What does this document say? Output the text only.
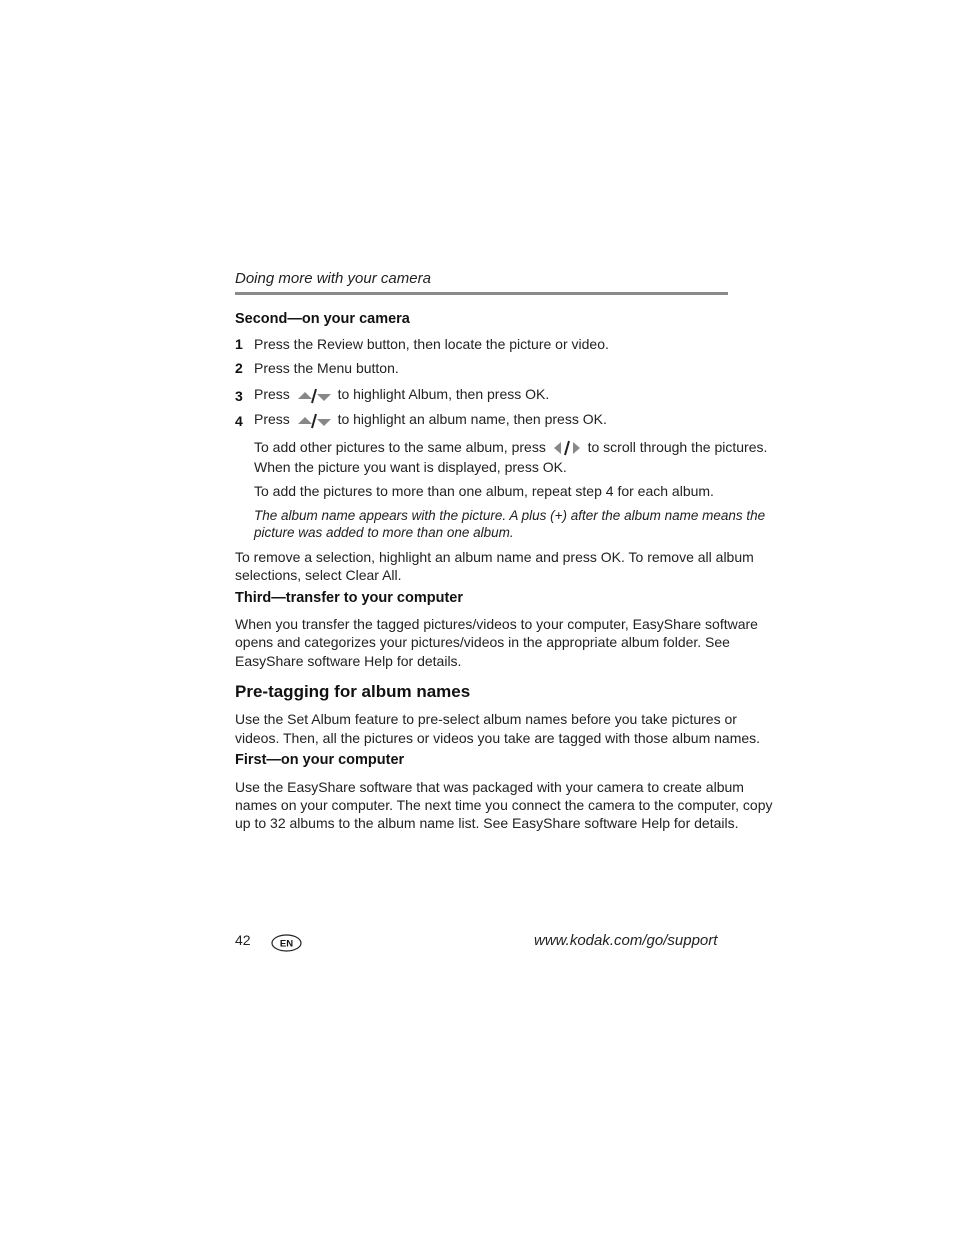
Doing more with your camera
Second—on your camera
1 Press the Review button, then locate the picture or video.
2 Press the Menu button.
3 Press	to highlight Album, then press OK.
4 Press	to highlight an album name, then press OK.
To add other pictures to the same album, press	to scroll through the pictures.
When the picture you want is displayed, press OK.
To add the pictures to more than one album, repeat step 4 for each album.
The album name appears with the picture. A plus (+) after the album name means the
picture was added to more than one album.
To remove a selection, highlight an album name and press OK. To remove all album
selections, select Clear All.
Third—transfer to your computer
When you transfer the tagged pictures/videos to your computer, EasyShare software
opens and categorizes your pictures/videos in the appropriate album folder. See
EasyShare software Help for details.
Pre-tagging for album names
Use the Set Album feature to pre-select album names before you take pictures or
videos. Then, all the pictures or videos you take are tagged with those album names.
First—on your computer
Use the EasyShare software that was packaged with your camera to create album
names on your computer. The next time you connect the camera to the computer, copy
up to 32 albums to the album name list. See EasyShare software Help for details.
42	EN	www.kodak.com/go/support
